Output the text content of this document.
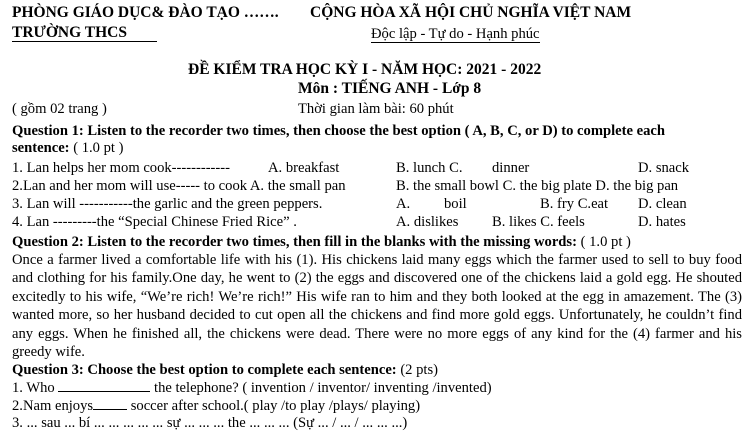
PHÒNG GIÁO DỤC& ĐÀO TẠO …….
TRƯỜNG THCS
CỘNG HÒA XÃ HỘI CHỦ NGHĨA VIỆT NAM
Độc lập - Tự do - Hạnh phúc
ĐỀ KIỂM TRA HỌC KỲ I - NĂM HỌC: 2021 - 2022
Môn : TIẾNG ANH - Lớp 8
( gồm 02 trang )	Thời gian làm bài: 60 phút
Question 1: Listen to the recorder two times, then choose the best option ( A, B, C, or D) to complete each
sentence: ( 1.0 pt )
1. Lan helps her mom cook------------	A. breakfast	B. lunch C. dinner	D. snack
2.Lan and her mom will use----- to cook A. the small pan	B. the small bowl C. the big plate D. the big pan
3. Lan will -----------the garlic and the green peppers.	A. boil	B. fry C.eat D. clean
4. Lan ---------the “Special Chinese Fried Rice” .	A. dislikes B. likes C. feels	D. hates
Question 2: Listen to the recorder two times, then fill in the blanks with the missing words: ( 1.0 pt )
Once a farmer lived a comfortable life with his (1). His chickens laid many eggs which the farmer used to sell to buy food and clothing for his family.One day, he went to (2) the eggs and discovered one of the chickens laid a gold egg. He shouted excitedly to his wife, “We’re rich! We’re rich!” His wife ran to him and they both looked at the egg in amazement. The (3) wanted more, so her husband decided to cut open all the chickens and find more gold eggs. Unfortunately, he couldn’t find any eggs. When he finished all, the chickens were dead. There were no more eggs of any kind for the (4) farmer and his greedy wife.
Question 3: Choose the best option to complete each sentence: (2 pts)
1. Who	the telephone? ( invention / inventor/ inventing /invented)
2.Nam enjoys soccer after school.( play /to play /plays/ playing)
3. ... sau ... bí ... ... ... ... ... sự ... ... ... the ... ... ... (Sự ... / ... / ... ... ...)
